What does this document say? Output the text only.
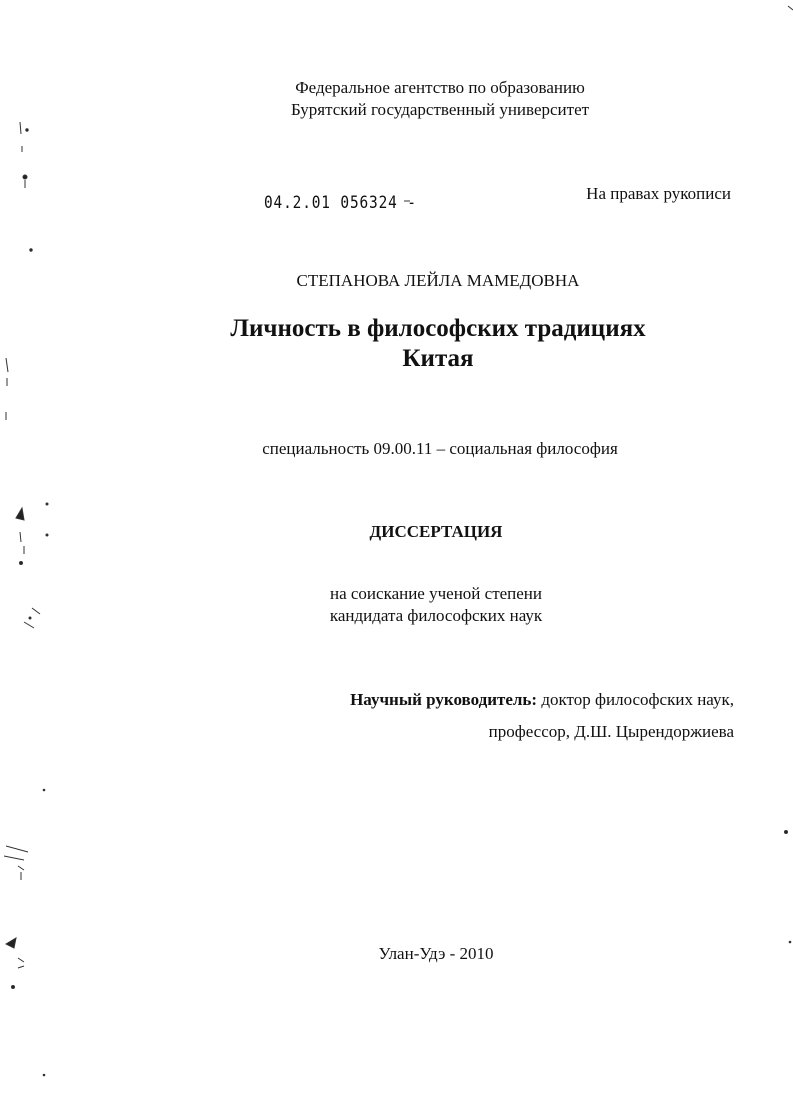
Федеральное агентство по образованию
Бурятский государственный университет
04.2.01 056324 -	На правах рукописи
СТЕПАНОВА ЛЕЙЛА МАМЕДОВНА
Личность в философских традициях
Китая
специальность 09.00.11 – социальная философия
ДИССЕРТАЦИЯ
на соискание ученой степени
кандидата философских наук
Научный руководитель: доктор философских наук,
профессор, Д.Ш. Цырендоржиева
Улан-Удэ - 2010
